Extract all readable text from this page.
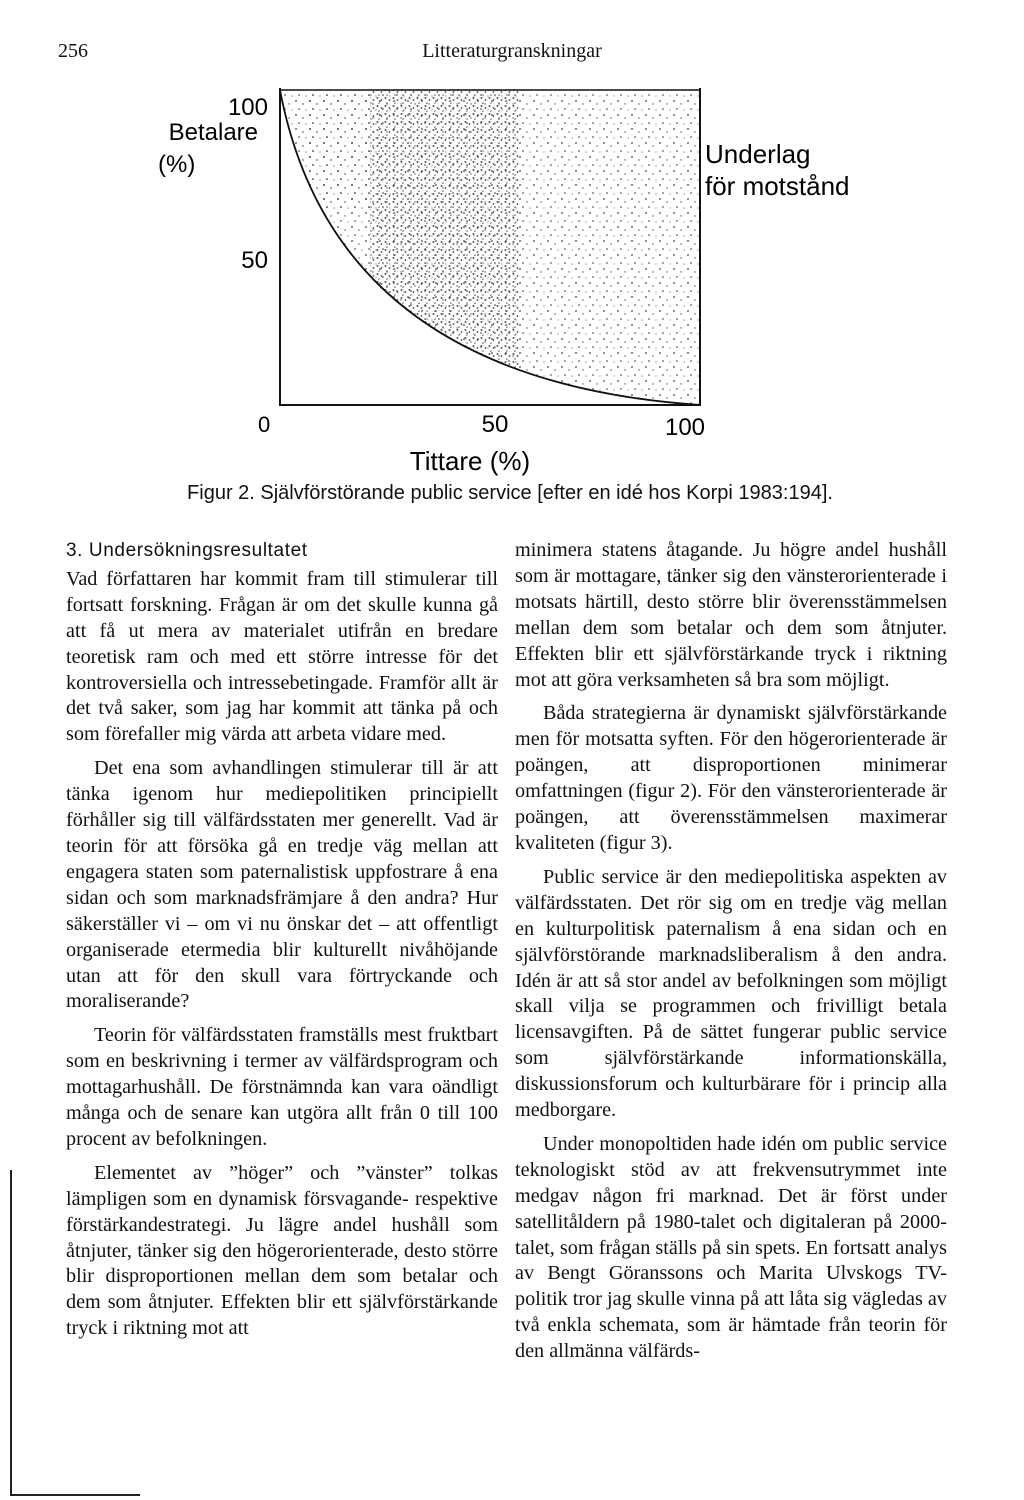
256	Litteraturgranskningar
100
Betalare
(%)
50
0	50	100
Tittare (%)
Underlag
för motstånd
Figur 2. Självförstörande public service [efter en idé hos Korpi 1983:194].
3. Undersökningsresultatet

Vad författaren har kommit fram till stimulerar till fortsatt forskning. Frågan är om det skulle kunna gå att få ut mera av materialet utifrån en bredare teoretisk ram och med ett större intresse för det kontroversiella och intressebetingade. Framför allt är det två saker, som jag har kommit att tänka på och som förefaller mig värda att arbeta vidare med.

Det ena som avhandlingen stimulerar till är att tänka igenom hur mediepolitiken principiellt förhåller sig till välfärdsstaten mer generellt. Vad är teorin för att försöka gå en tredje väg mellan att engagera staten som paternalistisk uppfostrare å ena sidan och som marknadsfrämjare å den andra? Hur säkerställer vi – om vi nu önskar det – att offentligt organiserade etermedia blir kulturellt nivåhöjande utan att för den skull vara förtryckande och moraliserande?

Teorin för välfärdsstaten framställs mest fruktbart som en beskrivning i termer av välfärdsprogram och mottagarhushåll. De förstnämnda kan vara oändligt många och de senare kan utgöra allt från 0 till 100 procent av befolkningen.

Elementet av ”höger” och ”vänster” tolkas lämpligen som en dynamisk försvagande- respektive förstärkandestrategi. Ju lägre andel hushåll som åtnjuter, tänker sig den högerorienterade, desto större blir disproportionen mellan dem som betalar och dem som åtnjuter. Effekten blir ett självförstärkande tryck i riktning mot att

minimera statens åtagande. Ju högre andel hushåll som är mottagare, tänker sig den vänsterorienterade i motsats härtill, desto större blir överensstämmelsen mellan dem som betalar och dem som åtnjuter. Effekten blir ett självförstärkande tryck i riktning mot att göra verksamheten så bra som möjligt.

Båda strategierna är dynamiskt självförstärkande men för motsatta syften. För den högerorienterade är poängen, att disproportionen minimerar omfattningen (figur 2). För den vänsterorienterade är poängen, att överensstämmelsen maximerar kvaliteten (figur 3).

Public service är den mediepolitiska aspekten av välfärdsstaten. Det rör sig om en tredje väg mellan en kulturpolitisk paternalism å ena sidan och en självförstörande marknadsliberalism å den andra. Idén är att så stor andel av befolkningen som möjligt skall vilja se programmen och frivilligt betala licensavgiften. På de sättet fungerar public service som självförstärkande informationskälla, diskussionsforum och kulturbärare för i princip alla medborgare.

Under monopoltiden hade idén om public service teknologiskt stöd av att frekvensutrymmet inte medgav någon fri marknad. Det är först under satellitåldern på 1980-talet och digitaleran på 2000-talet, som frågan ställs på sin spets. En fortsatt analys av Bengt Göranssons och Marita Ulvskogs TV-politik tror jag skulle vinna på att låta sig vägledas av två enkla schemata, som är hämtade från teorin för den allmänna välfärds-
